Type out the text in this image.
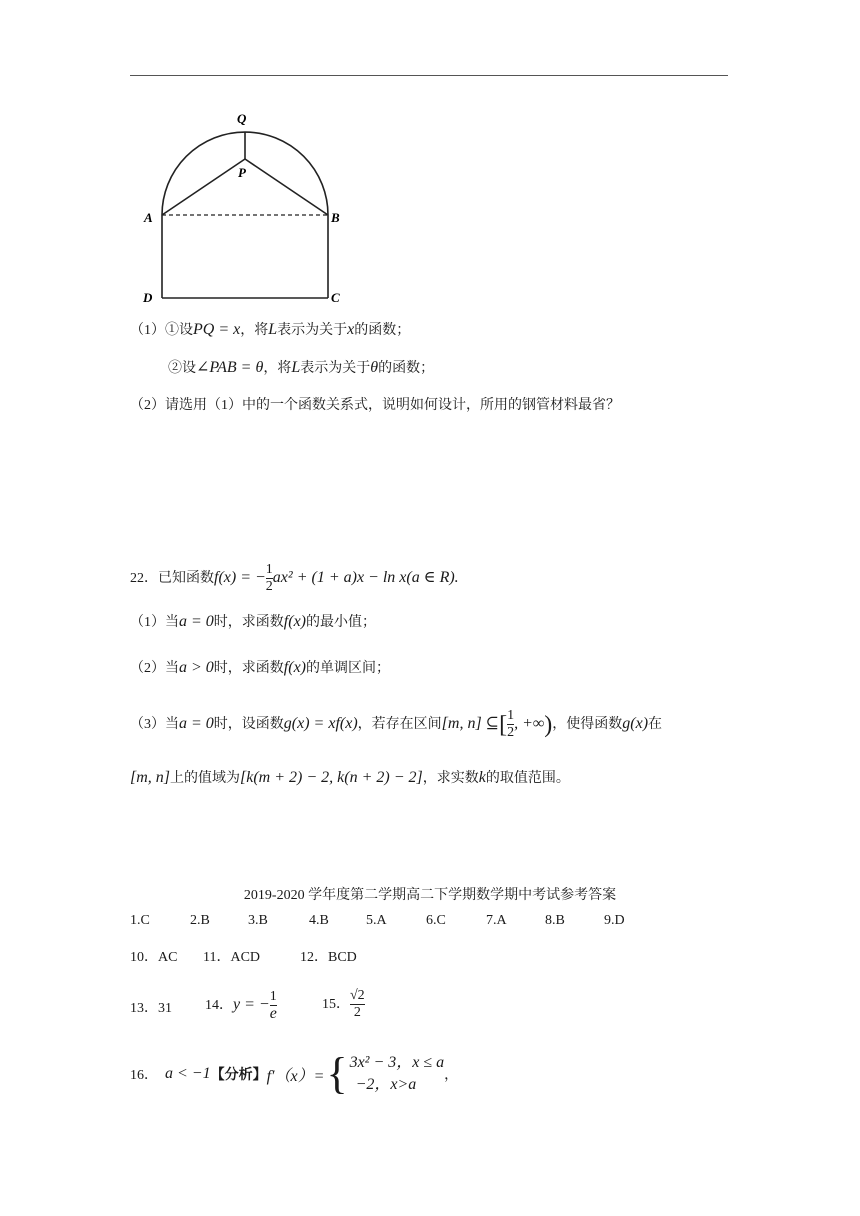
Q
P
A	B
D	C
（1）①设PQ = x，将L表示为关于x的函数；
②设∠PAB = θ，将L表示为关于θ的函数；
（2）请选用（1）中的一个函数关系式，说明如何设计，所用的钢管材料最省？
22．已知函数f(x) = − $\frac{1}{2} ax^2 + (1 + a)x - \ln x(a$ ∈ R).
（1）当a = 0时，求函数f(x)的最小值；
（2）当a > 0时，求函数f(x)的单调区间；
（3）当a = 0时，设函数g(x) = xf(x)，若存在区间[m, n] ⊆[ $\frac{1}{2}$ , +∞)，使得函数g(x)在
[m, n]上的值域为[k(m + 2) − 2, k(n + 2) − 2]，求实数k的取值范围。
2019-2020 学年度第二学期高二下学期数学期中考试参考答案
1.C	2.B	3.B	4.B	5.A	6.C	7.A	8.B	9.D
10．AC 11．ACD	12．BCD
13．31 14．y = − $\frac{1}{e}$	15． $\frac{√2}{2}$
16．
a < −1 【分析】 f′（x）= { 3x² − 3，x ≤ a
−2，x>a
，
